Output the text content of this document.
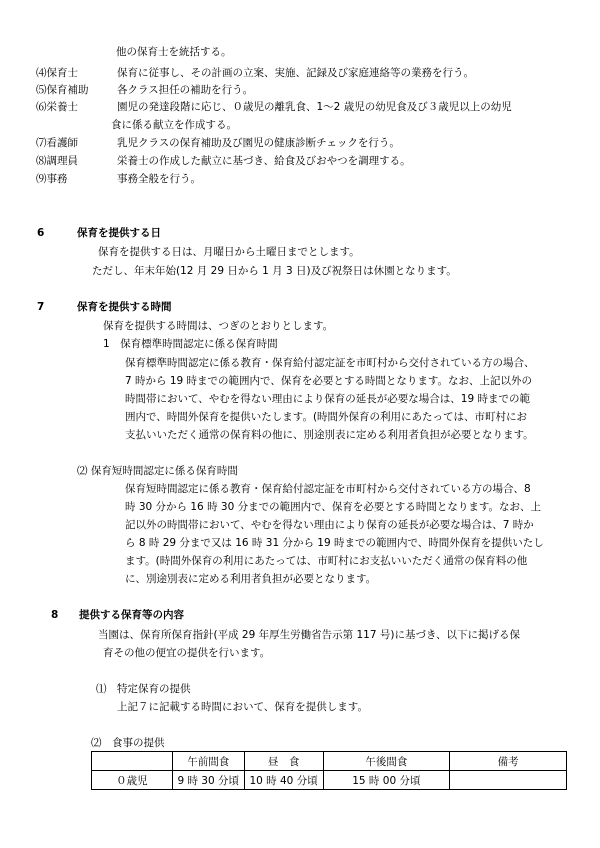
他の保育士を統括する。
⑷保育士	保育に従事し、その計画の立案、実施、記録及び家庭連絡等の業務を行う。
⑸保育補助	各クラス担任の補助を行う。
⑹栄養士	園児の発達段階に応じ、０歳児の離乳食、1～2 歳児の幼児食及び３歳児以上の幼児
食に係る献立を作成する。
⑺看護師	乳児クラスの保育補助及び園児の健康診断チェックを行う。
⑻調理員	栄養士の作成した献立に基づき、給食及びおやつを調理する。
⑼事務	事務全般を行う。
6	保育を提供する日
保育を提供する日は、月曜日から土曜日までとします。
ただし、年末年始(12 月 29 日から 1 月 3 日)及び祝祭日は休園となります。
7	保育を提供する時間
保育を提供する時間は、つぎのとおりとします。
1　保育標準時間認定に係る保育時間
保育標準時間認定に係る教育・保育給付認定証を市町村から交付されている方の場合、
7 時から 19 時までの範囲内で、保育を必要とする時間となります。なお、上記以外の
時間帯において、やむを得ない理由により保育の延長が必要な場合は、19 時までの範
囲内で、時間外保育を提供いたします。(時間外保育の利用にあたっては、市町村にお
支払いいただく通常の保育料の他に、別途別表に定める利用者負担が必要となります。
⑵ 保育短時間認定に係る保育時間
保育短時間認定に係る教育・保育給付認定証を市町村から交付されている方の場合、8
時 30 分から 16 時 30 分までの範囲内で、保育を必要とする時間となります。なお、上
記以外の時間帯において、やむを得ない理由により保育の延長が必要な場合は、7 時か
ら 8 時 29 分まで又は 16 時 31 分から 19 時までの範囲内で、時間外保育を提供いたし
ます。(時間外保育の利用にあたっては、市町村にお支払いいただく通常の保育料の他
に、別途別表に定める利用者負担が必要となります。
8 提供する保育等の内容
当園は、保育所保育指針(平成 29 年厚生労働省告示第 117 号)に基づき、以下に掲げる保
育その他の便宜の提供を行います。
⑴　特定保育の提供
上記７に記載する時間において、保育を提供します。
⑵　食事の提供
	午前間食	昼　食	午後間食	備考
０歳児	9 時 30 分頃	10 時 40 分頃	15 時 00 分頃	
